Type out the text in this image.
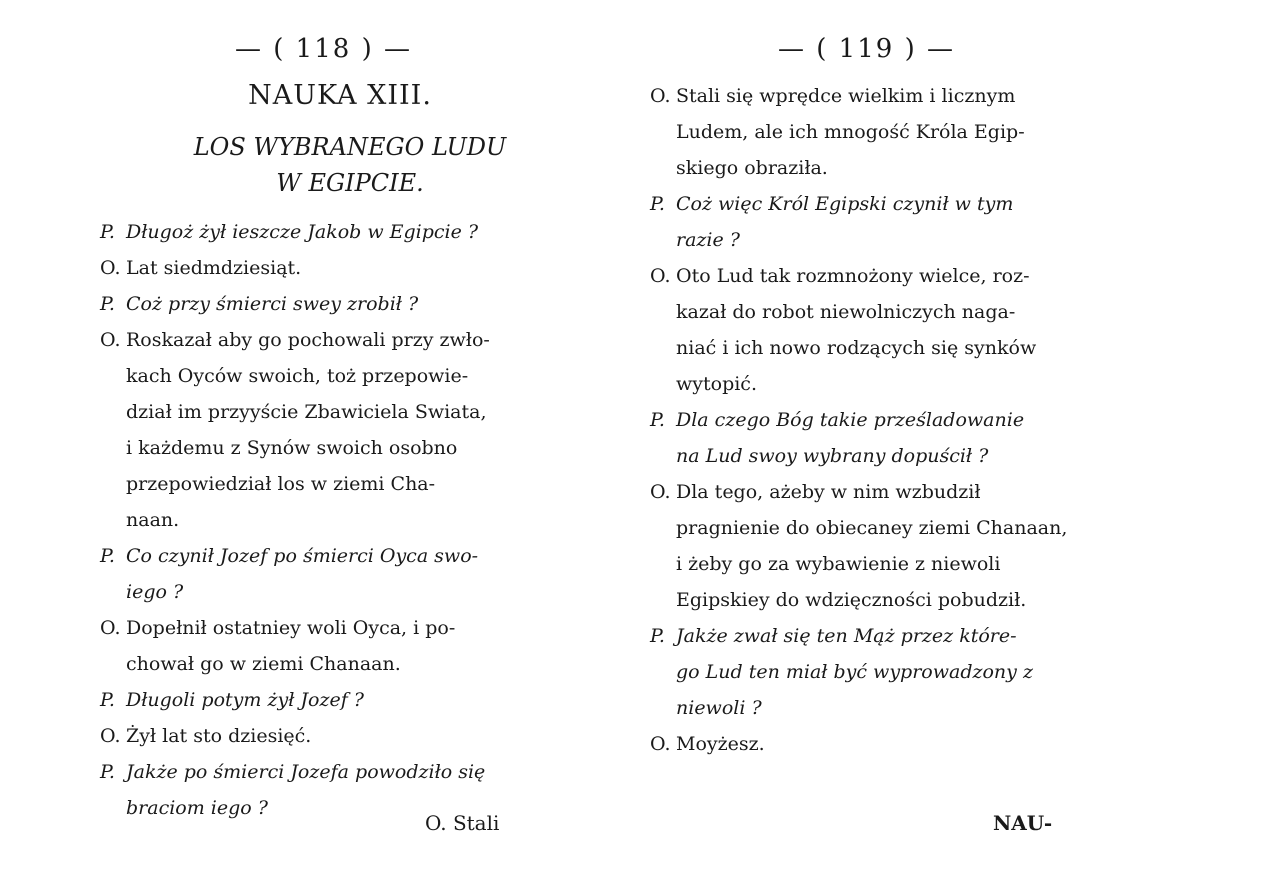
— ( 118 ) —
NAUKA XIII.
LOS WYBRANEGO LUDU
W EGIPCIE.
P. Długoż żył ieszcze Jakob w Egipcie ?
O. Lat siedmdziesiąt.
P. Coż przy śmierci swey zrobił ?
O. Roskazał aby go pochowali przy zwło-
kach Oyców swoich, toż przepowie-
dział im przyyście Zbawiciela Swiata,
i każdemu z Synów swoich osobno
przepowiedział los w ziemi Cha-
naan.
P. Co czynił Jozef po śmierci Oyca swo-
iego ?
O. Dopełnił ostatniey woli Oyca, i po-
chował go w ziemi Chanaan.
P. Długoli potym żył Jozef ?
O. Żył lat sto dziesięć.
P. Jakże po śmierci Jozefa powodziło się
braciom iego ?
O. Stali
— ( 119 ) —
O. Stali się wprędce wielkim i licznym
Ludem, ale ich mnogość Króla Egip-
skiego obraziła.
P. Coż więc Król Egipski czynił w tym
razie ?
O. Oto Lud tak rozmnożony wielce, roz-
kazał do robot niewolniczych naga-
niać i ich nowo rodzących się synków
wytopić.
P. Dla czego Bóg takie prześladowanie
na Lud swoy wybrany dopuścił ?
O. Dla tego, ażeby w nim wzbudził
pragnienie do obiecaney ziemi Chanaan,
i żeby go za wybawienie z niewoli
Egipskiey do wdzięczności pobudził.
P. Jakże zwał się ten Mąż przez które-
go Lud ten miał być wyprowadzony z
niewoli ?
O. Moyżesz.
NAU-
